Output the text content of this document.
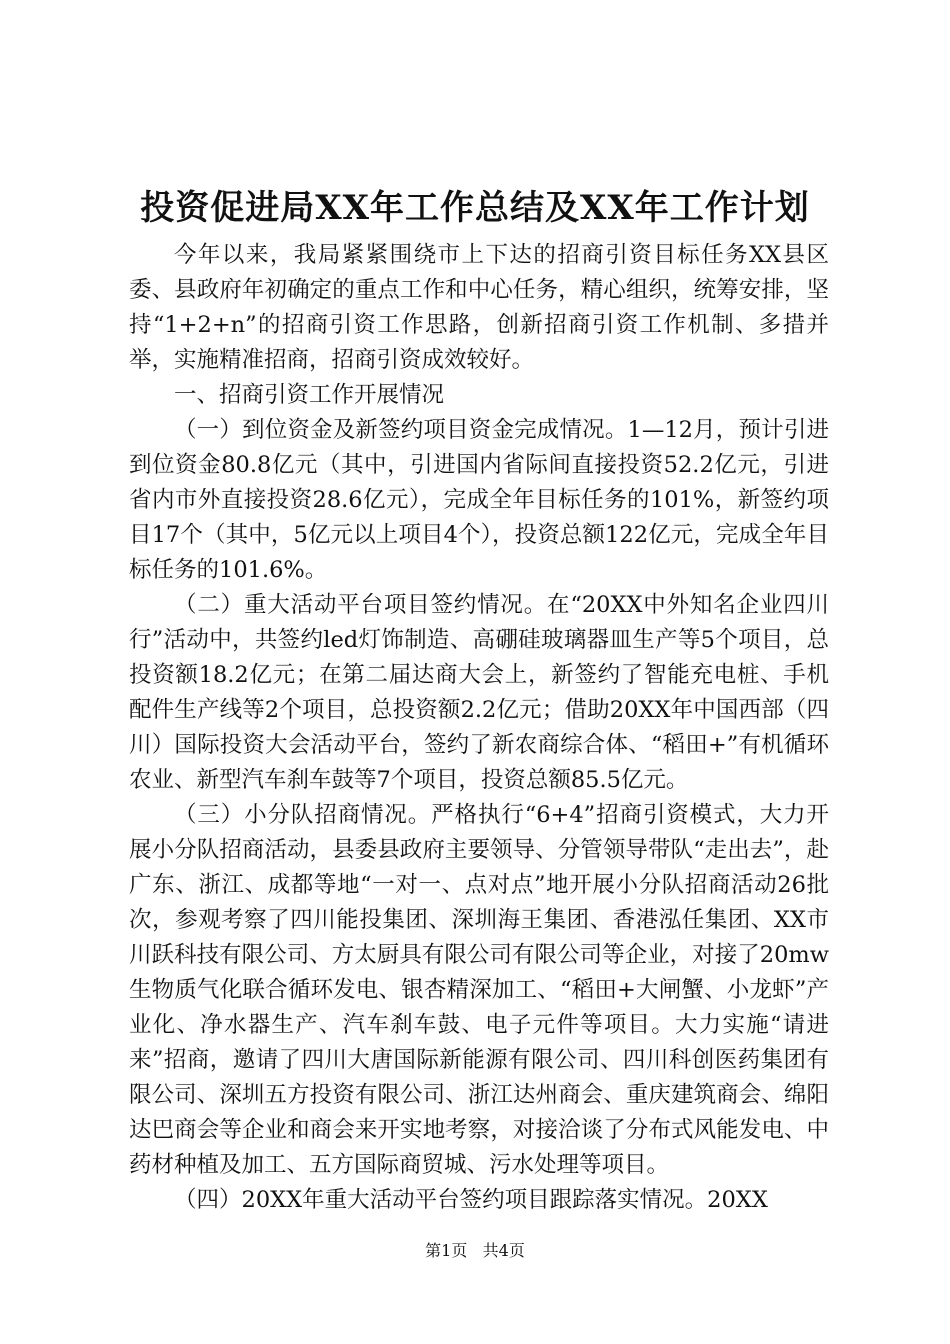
投资促进局XX年工作总结及XX年工作计划

今年以来，我局紧紧围绕市上下达的招商引资目标任务XX县区委、县政府年初确定的重点工作和中心任务，精心组织，统筹安排，坚持“1+2+n”的招商引资工作思路，创新招商引资工作机制、多措并举，实施精准招商，招商引资成效较好。

一、招商引资工作开展情况

（一）到位资金及新签约项目资金完成情况。1—12月，预计引进到位资金80.8亿元（其中，引进国内省际间直接投资52.2亿元，引进省内市外直接投资28.6亿元），完成全年目标任务的101%，新签约项目17个（其中，5亿元以上项目4个），投资总额122亿元，完成全年目标任务的101.6%。

（二）重大活动平台项目签约情况。在“20XX中外知名企业四川行”活动中，共签约led灯饰制造、高硼硅玻璃器皿生产等5个项目，总投资额18.2亿元；在第二届达商大会上，新签约了智能充电桩、手机配件生产线等2个项目，总投资额2.2亿元；借助20XX年中国西部（四川）国际投资大会活动平台，签约了新农商综合体、“稻田+”有机循环农业、新型汽车刹车鼓等7个项目，投资总额85.5亿元。

（三）小分队招商情况。严格执行“6+4”招商引资模式，大力开展小分队招商活动，县委县政府主要领导、分管领导带队“走出去”，赴广东、浙江、成都等地“一对一、点对点”地开展小分队招商活动26批次，参观考察了四川能投集团、深圳海王集团、香港泓任集团、XX市川跃科技有限公司、方太厨具有限公司有限公司等企业，对接了20mw生物质气化联合循环发电、银杏精深加工、“稻田+大闸蟹、小龙虾”产业化、净水器生产、汽车刹车鼓、电子元件等项目。大力实施“请进来”招商，邀请了四川大唐国际新能源有限公司、四川科创医药集团有限公司、深圳五方投资有限公司、浙江达州商会、重庆建筑商会、绵阳达巴商会等企业和商会来开实地考察，对接洽谈了分布式风能发电、中药材种植及加工、五方国际商贸城、污水处理等项目。

（四）20XX年重大活动平台签约项目跟踪落实情况。20XX

第1页 共4页
